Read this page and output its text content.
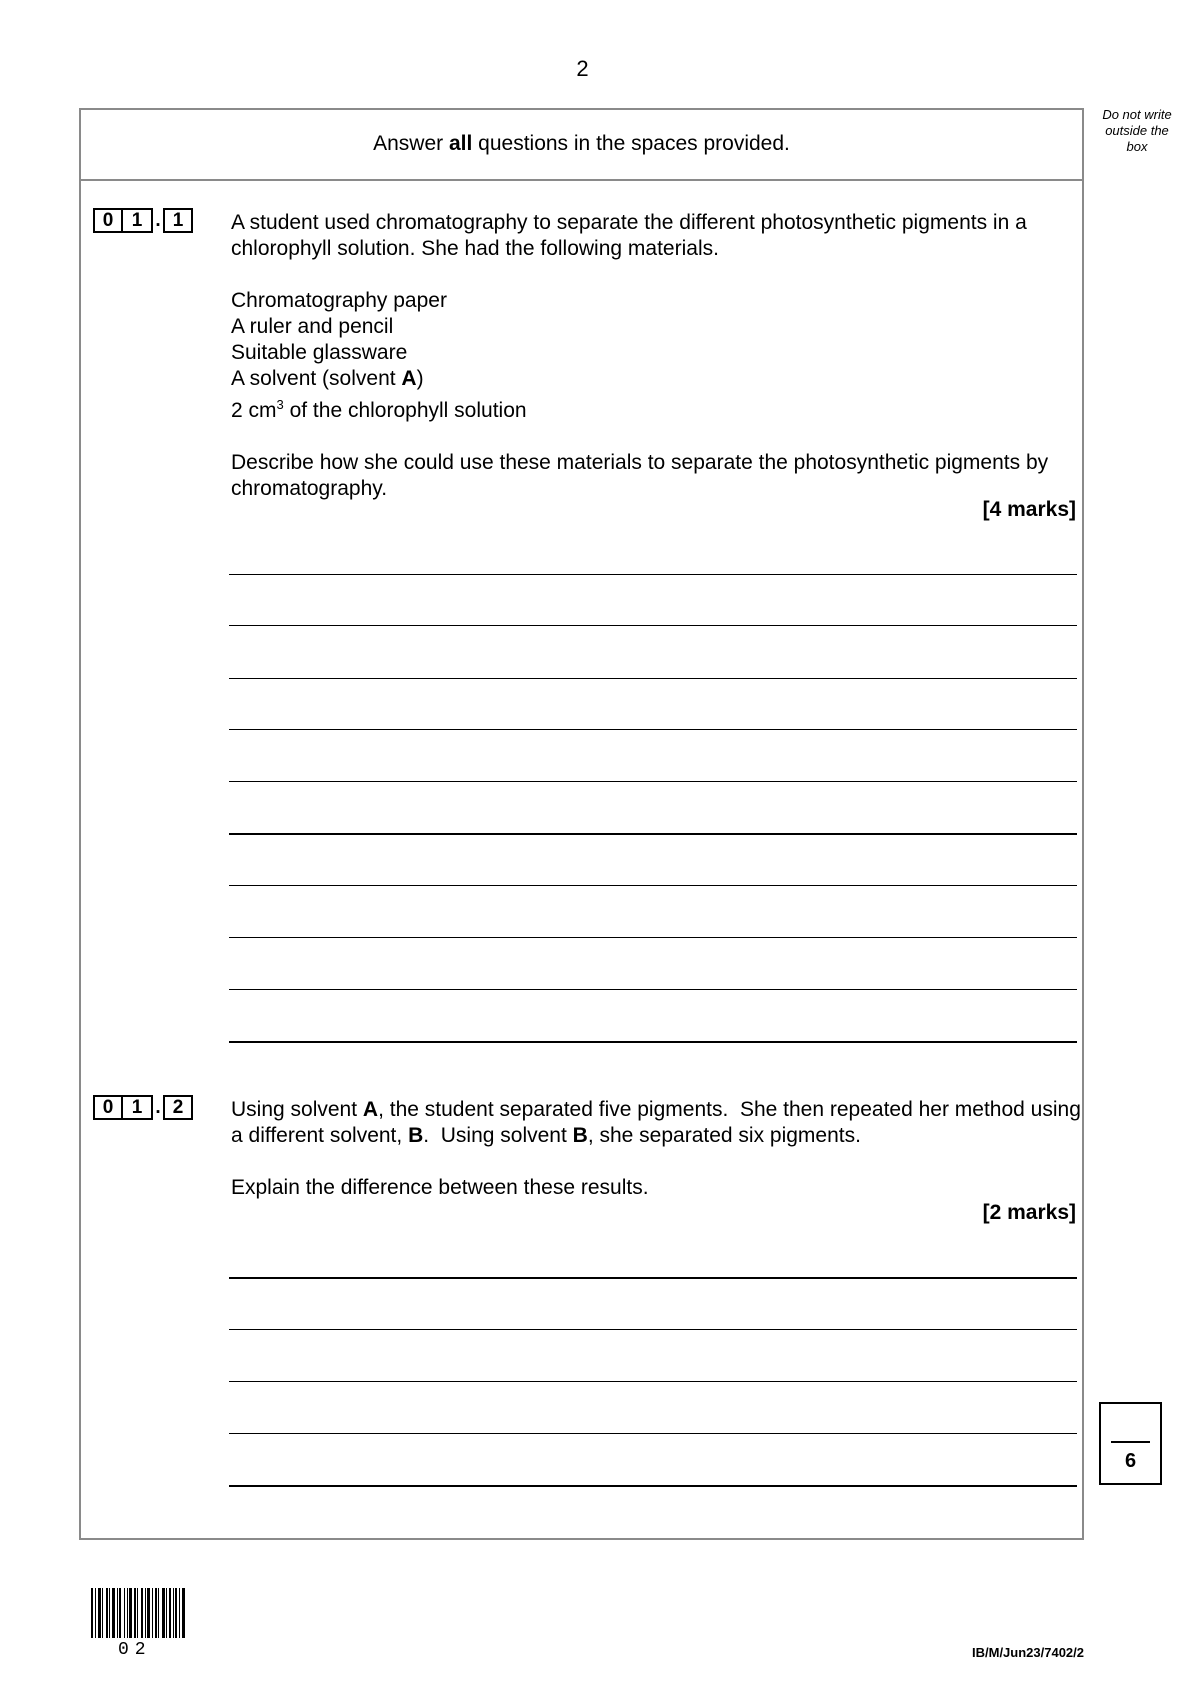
2
Do not write
outside the
box
Answer all questions in the spaces provided.
0 1 . 1	A student used chromatography to separate the different photosynthetic pigments in a chlorophyll solution. She had the following materials.

Chromatography paper

A ruler and pencil

Suitable glassware

A solvent (solvent A)

2 $cm^3$ of the chlorophyll solution

Describe how she could use these materials to separate the photosynthetic pigments by chromatography.

[4 marks]
0 1 . 2	Using solvent A, the student separated five pigments.  She then repeated her method using a different solvent, B.  Using solvent B, she separated six pigments.

Explain the difference between these results.

[2 marks]
6
02	IB/M/Jun23/7402/2
